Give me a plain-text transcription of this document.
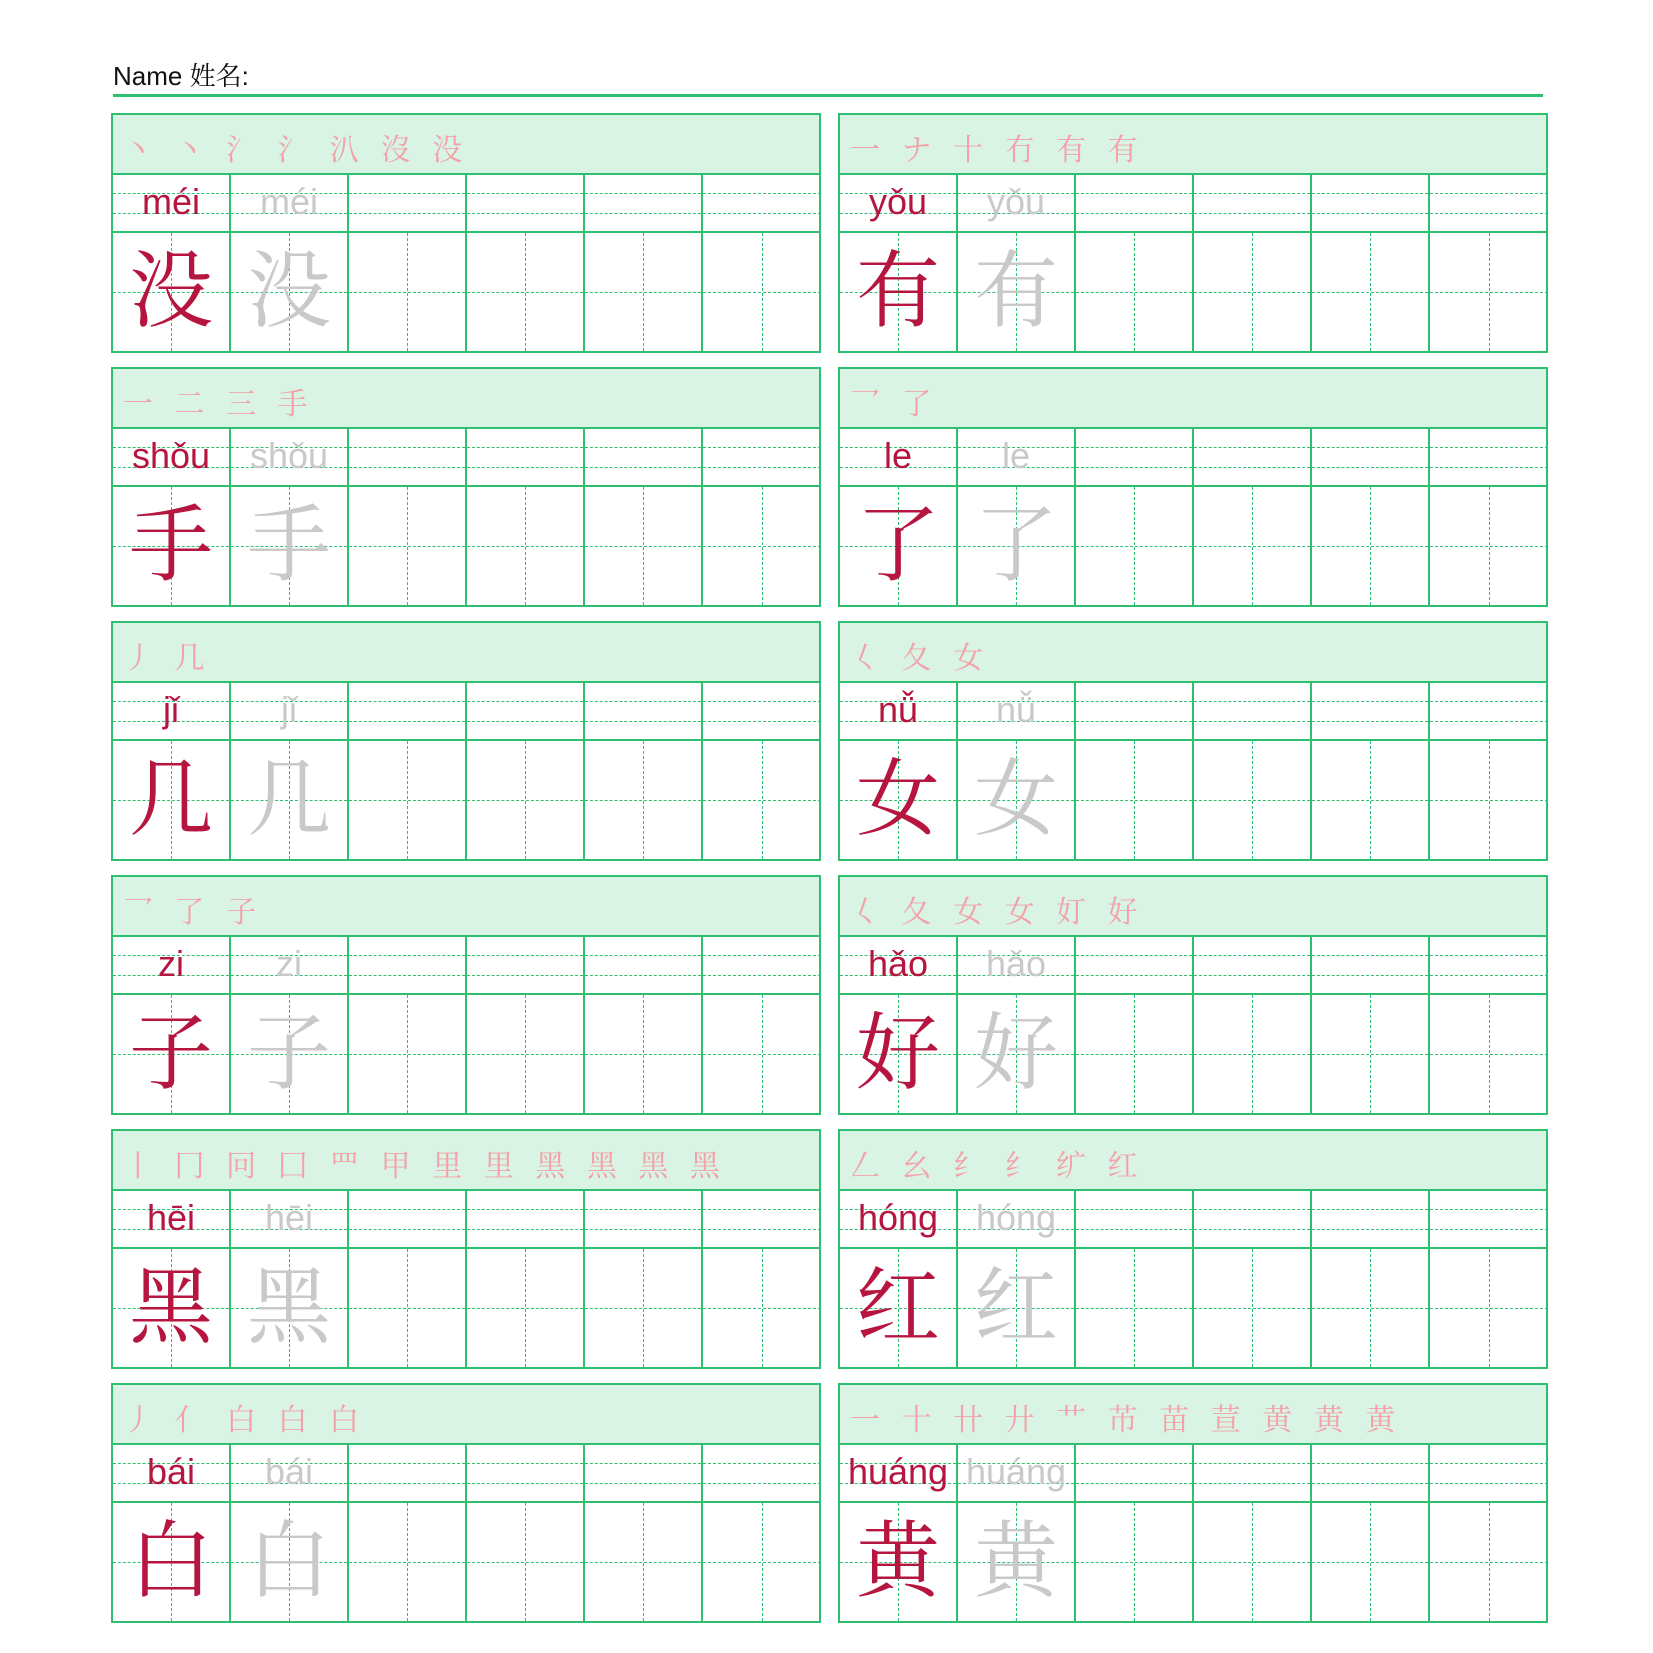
Name 姓名:
丶 丶 氵 氵 汃 沒 没
méi	méi
没 没
一 ナ 十 冇 有 有
yǒu	yǒu
有 有
一 二 三 手
shǒu	shǒu
手 手
乛 了
le	le
了 了
丿 几
jǐ	jǐ
几 几
𡿨 夂 女
nǚ	nǚ
女 女
乛 了 子
zi	zi
子 子
𡿨 夂 女 女 奵 好
hǎo	hǎo
好 好
丨 冂 冋 囗 罒 甲 里 里 黑 黑 黑 黑
hēi	hēi
黑 黑
𠃋 幺 纟 纟 纩 红
hóng	hóng
红 红
丿 亻 白 白 白
bái	bái
白 白
一 十 卄 廾 艹 芇 苗 荁 黄 黄 黄
huáng huáng
黄 黄
